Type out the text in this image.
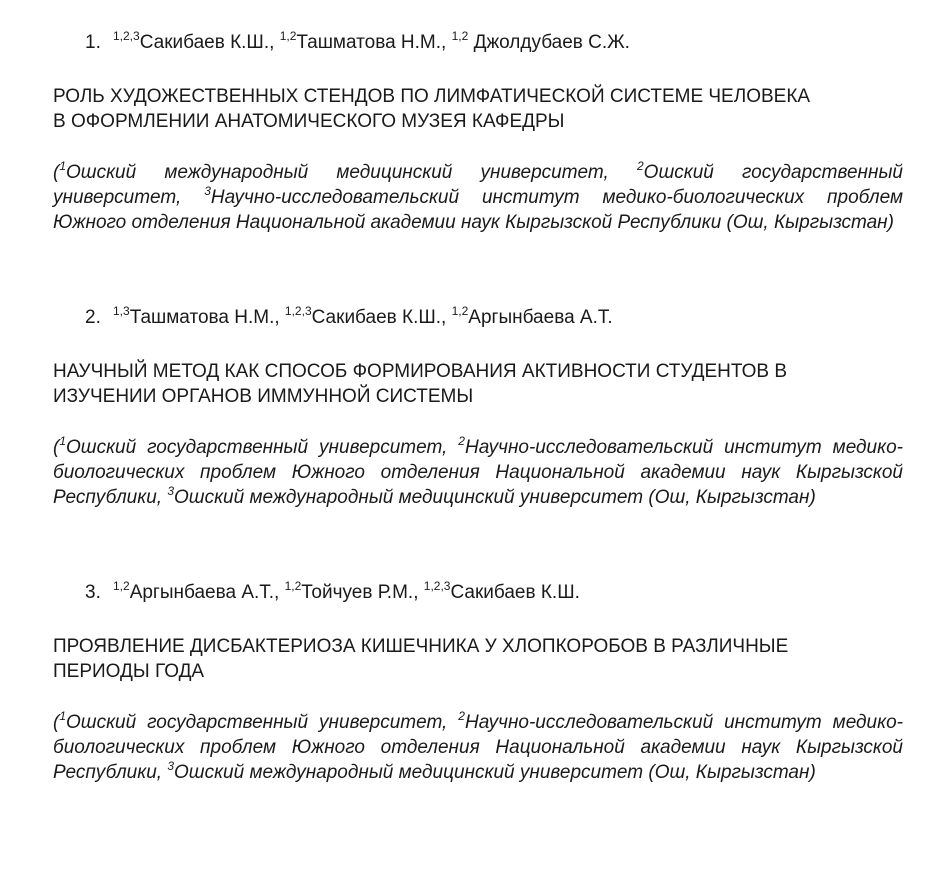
1. $^{1,2,3}$Сакибаев К.Ш., $^{1,2}$Ташматова Н.М., $^{1,2}$ Джолдубаев С.Ж.
РОЛЬ ХУДОЖЕСТВЕННЫХ СТЕНДОВ ПО ЛИМФАТИЧЕСКОЙ СИСТЕМЕ ЧЕЛОВЕКА
В ОФОРМЛЕНИИ АНАТОМИЧЕСКОГО МУЗЕЯ КАФЕДРЫ
($^1$Ошский международный медицинский университет, $^2$Ошский государственный университет, $^3$Научно-исследовательский институт медико-биологических проблем Южного отделения Национальной академии наук Кыргызской Республики (Ош, Кыргызстан)
2. $^{1,3}$Ташматова Н.М., $^{1,2,3}$Сакибаев К.Ш., $^{1,2}$Аргынбаева А.Т.
НАУЧНЫЙ МЕТОД КАК СПОСОБ ФОРМИРОВАНИЯ АКТИВНОСТИ СТУДЕНТОВ В
ИЗУЧЕНИИ ОРГАНОВ ИММУННОЙ СИСТЕМЫ
($^1$Ошский государственный университет, $^2$Научно-исследовательский институт медико-биологических проблем Южного отделения Национальной академии наук Кыргызской Республики, $^3$Ошский международный медицинский университет (Ош, Кыргызстан)
3. $^{1,2}$Аргынбаева А.Т., $^{1,2}$Тойчуев Р.М., $^{1,2,3}$Сакибаев К.Ш.
ПРОЯВЛЕНИЕ ДИСБАКТЕРИОЗА КИШЕЧНИКА У ХЛОПКОРОБОВ В РАЗЛИЧНЫЕ
ПЕРИОДЫ ГОДА
($^1$Ошский государственный университет, $^2$Научно-исследовательский институт медико-биологических проблем Южного отделения Национальной академии наук Кыргызской Республики, $^3$Ошский международный медицинский университет (Ош, Кыргызстан)
